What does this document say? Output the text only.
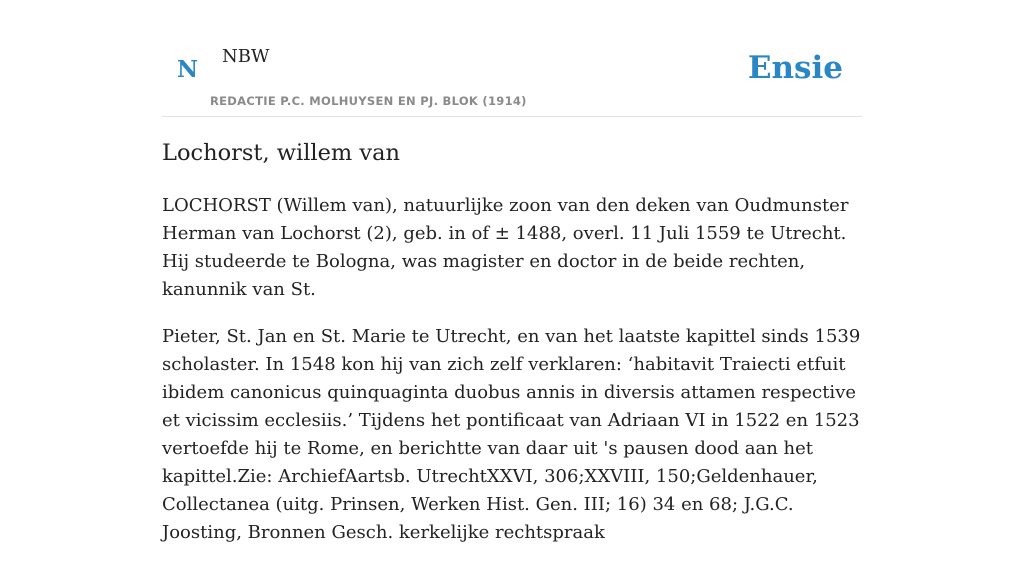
N NBW
REDACTIE P.C. MOLHUYSEN EN PJ. BLOK (1914)
Ensie
Lochorst, willem van

LOCHORST (Willem van), natuurlijke zoon van den deken van Oudmunster Herman van Lochorst (2), geb. in of ± 1488, overl. 11 Juli 1559 te Utrecht. Hij studeerde te Bologna, was magister en doctor in de beide rechten, kanunnik van St.

Pieter, St. Jan en St. Marie te Utrecht, en van het laatste kapittel sinds 1539 scholaster. In 1548 kon hij van zich zelf verklaren: ‘habitavit Traiecti etfuit ibidem canonicus quinquaginta duobus annis in diversis attamen respective et vicissim ecclesiis.’ Tijdens het pontificaat van Adriaan VI in 1522 en 1523 vertoefde hij te Rome, en berichtte van daar uit 's pausen dood aan het kapittel.Zie: ArchiefAartsb. UtrechtXXVI, 306;XXVIII, 150;Geldenhauer, Collectanea (uitg. Prinsen, Werken Hist. Gen. III; 16) 34 en 68; J.G.C. Joosting, Bronnen Gesch. kerkelijke rechtspraak
